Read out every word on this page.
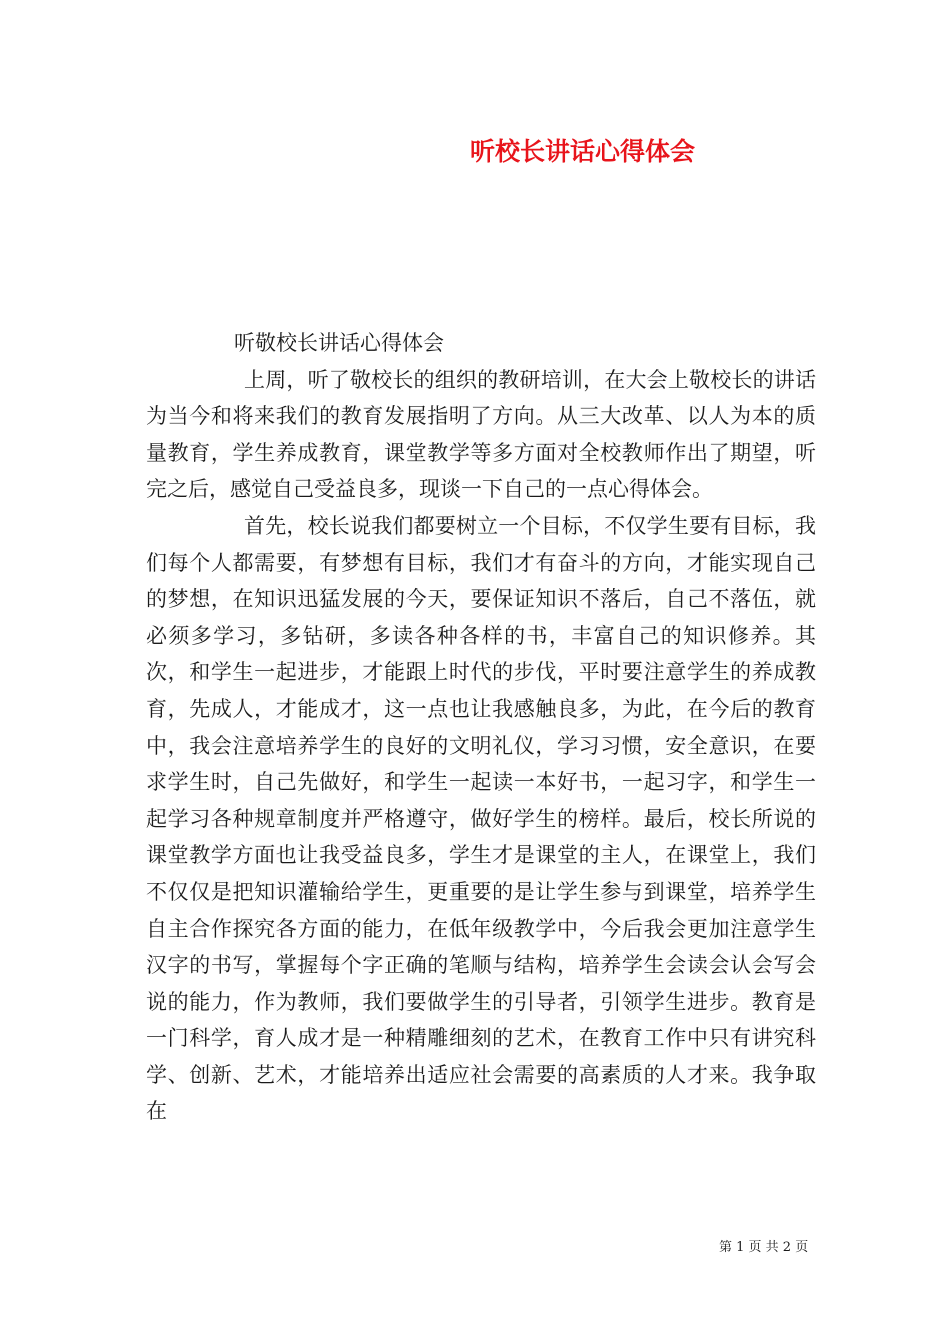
听校长讲话心得体会

听敬校长讲话心得体会

上周，听了敬校长的组织的教研培训，在大会上敬校长的讲话为当今和将来我们的教育发展指明了方向。从三大改革、以人为本的质量教育，学生养成教育，课堂教学等多方面对全校教师作出了期望，听完之后，感觉自己受益良多，现谈一下自己的一点心得体会。

首先，校长说我们都要树立一个目标，不仅学生要有目标，我们每个人都需要，有梦想有目标，我们才有奋斗的方向，才能实现自己的梦想，在知识迅猛发展的今天，要保证知识不落后，自己不落伍，就必须多学习，多钻研，多读各种各样的书，丰富自己的知识修养。其次，和学生一起进步，才能跟上时代的步伐，平时要注意学生的养成教育，先成人，才能成才，这一点也让我感触良多，为此，在今后的教育中，我会注意培养学生的良好的文明礼仪，学习习惯，安全意识，在要求学生时，自己先做好，和学生一起读一本好书，一起习字，和学生一起学习各种规章制度并严格遵守，做好学生的榜样。最后，校长所说的课堂教学方面也让我受益良多，学生才是课堂的主人，在课堂上，我们不仅仅是把知识灌输给学生，更重要的是让学生参与到课堂，培养学生自主合作探究各方面的能力，在低年级教学中，今后我会更加注意学生汉字的书写，掌握每个字正确的笔顺与结构，培养学生会读会认会写会说的能力，作为教师，我们要做学生的引导者，引领学生进步。教育是一门科学，育人成才是一种精雕细刻的艺术，在教育工作中只有讲究科学、创新、艺术，才能培养出适应社会需要的高素质的人才来。我争取在

第 1 页 共 2 页
